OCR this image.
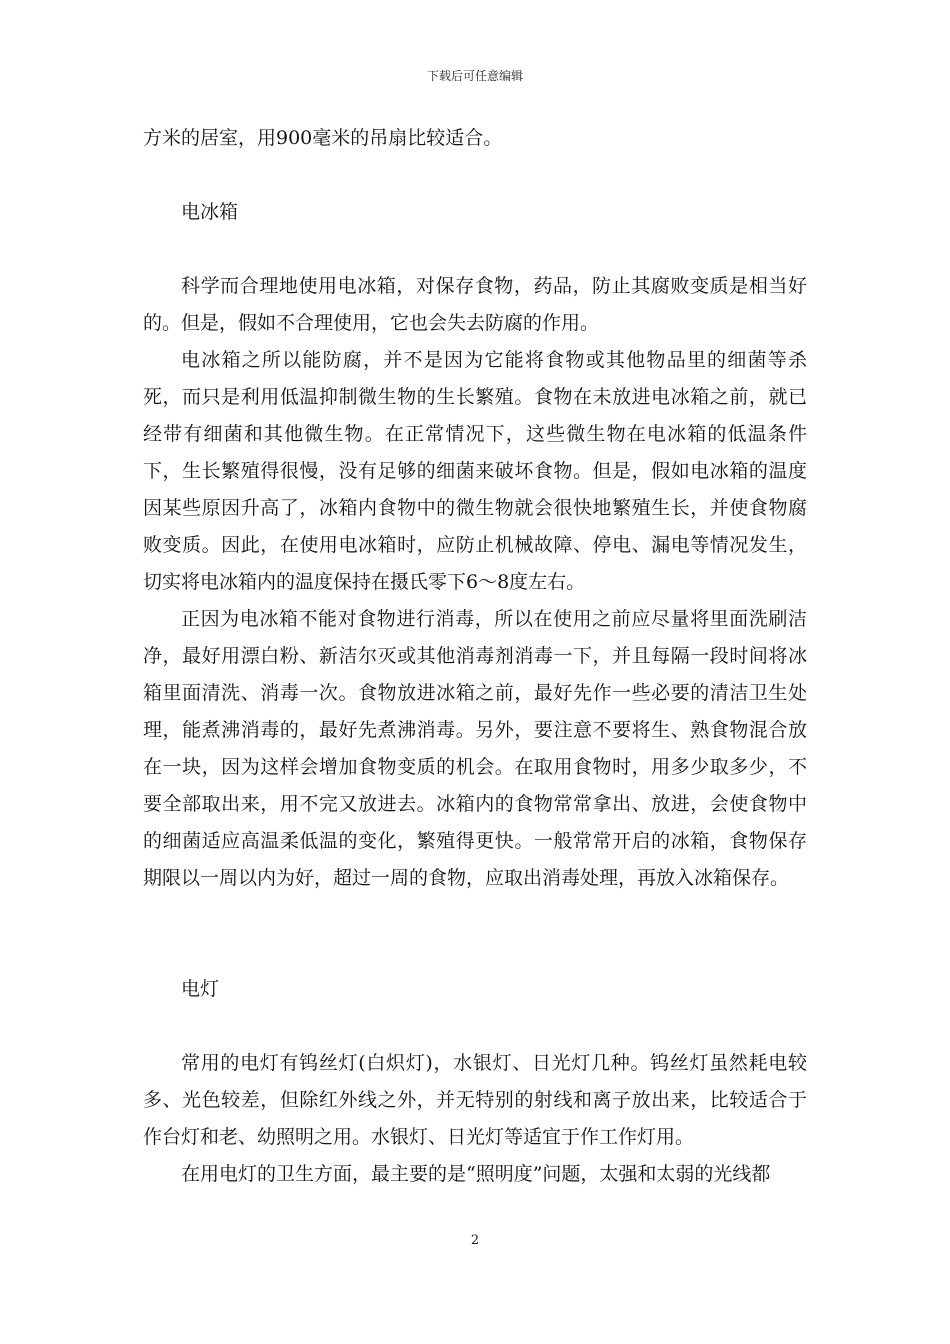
下载后可任意编辑

方米的居室，用900毫米的吊扇比较适合。

电冰箱

科学而合理地使用电冰箱，对保存食物，药品，防止其腐败变质是相当好的。但是，假如不合理使用，它也会失去防腐的作用。

电冰箱之所以能防腐，并不是因为它能将食物或其他物品里的细菌等杀死，而只是利用低温抑制微生物的生长繁殖。食物在未放进电冰箱之前，就已经带有细菌和其他微生物。在正常情况下，这些微生物在电冰箱的低温条件下，生长繁殖得很慢，没有足够的细菌来破坏食物。但是，假如电冰箱的温度因某些原因升高了，冰箱内食物中的微生物就会很快地繁殖生长，并使食物腐败变质。因此，在使用电冰箱时，应防止机械故障、停电、漏电等情况发生，切实将电冰箱内的温度保持在摄氏零下6～8度左右。

正因为电冰箱不能对食物进行消毒，所以在使用之前应尽量将里面洗刷洁净，最好用漂白粉、新洁尔灭或其他消毒剂消毒一下，并且每隔一段时间将冰箱里面清洗、消毒一次。食物放进冰箱之前，最好先作一些必要的清洁卫生处理，能煮沸消毒的，最好先煮沸消毒。另外，要注意不要将生、熟食物混合放在一块，因为这样会增加食物变质的机会。在取用食物时，用多少取多少，不要全部取出来，用不完又放进去。冰箱内的食物常常拿出、放进，会使食物中的细菌适应高温柔低温的变化，繁殖得更快。一般常常开启的冰箱，食物保存期限以一周以内为好，超过一周的食物，应取出消毒处理，再放入冰箱保存。

电灯

常用的电灯有钨丝灯(白炽灯)，水银灯、日光灯几种。钨丝灯虽然耗电较多、光色较差，但除红外线之外，并无特别的射线和离子放出来，比较适合于作台灯和老、幼照明之用。水银灯、日光灯等适宜于作工作灯用。

在用电灯的卫生方面，最主要的是“照明度”问题，太强和太弱的光线都

2
